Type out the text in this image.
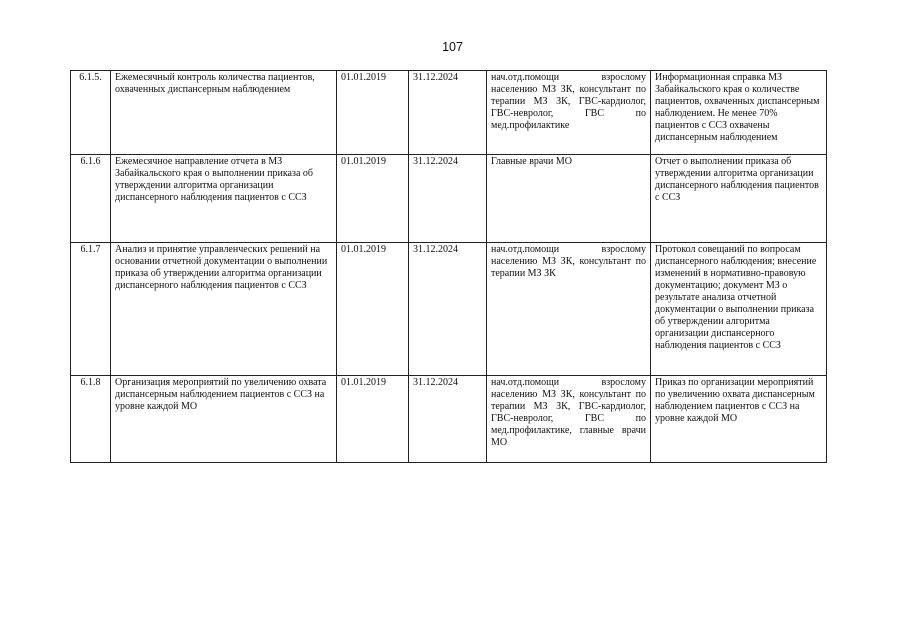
107
6.1.5.	Ежемесячный контроль количества пациентов, охваченных диспансерным наблюдением	01.01.2019	31.12.2024	нач.отд.помощи взрослому населению МЗ ЗК, консультант по терапии МЗ ЗК, ГВС-кардиолог, ГВС-невролог, ГВС по мед.профилактике	Информационная справка МЗ Забайкальского края о количестве пациентов, охваченных диспансерным наблюдением. Не менее 70% пациентов с ССЗ охвачены диспансерным наблюдением
6.1.6	Ежемесячное направление отчета в МЗ Забайкальского края о выполнении приказа об утверждении алгоритма организации диспансерного наблюдения пациентов с ССЗ	01.01.2019	31.12.2024	Главные врачи МО	Отчет о выполнении приказа об утверждении алгоритма организации диспансерного наблюдения пациентов с ССЗ
6.1.7	Анализ и принятие управленческих решений на основании отчетной документации о выполнении приказа об утверждении алгоритма организации диспансерного наблюдения пациентов с ССЗ	01.01.2019	31.12.2024	нач.отд.помощи взрослому населению МЗ ЗК, консультант по терапии МЗ ЗК	Протокол совещаний по вопросам диспансерного наблюдения; внесение изменений в нормативно-правовую документацию; документ МЗ о результате анализа отчетной документации о выполнении приказа об утверждении алгоритма организации диспансерного наблюдения пациентов с ССЗ
6.1.8	Организация мероприятий по увеличению охвата диспансерным наблюдением пациентов с ССЗ на уровне каждой МО	01.01.2019	31.12.2024	нач.отд.помощи взрослому населению МЗ ЗК, консультант по терапии МЗ ЗК, ГВС-кардиолог, ГВС-невролог, ГВС по мед.профилактике, главные врачи МО	Приказ по организации мероприятий по увеличению охвата диспансерным наблюдением пациентов с ССЗ на уровне каждой МО
